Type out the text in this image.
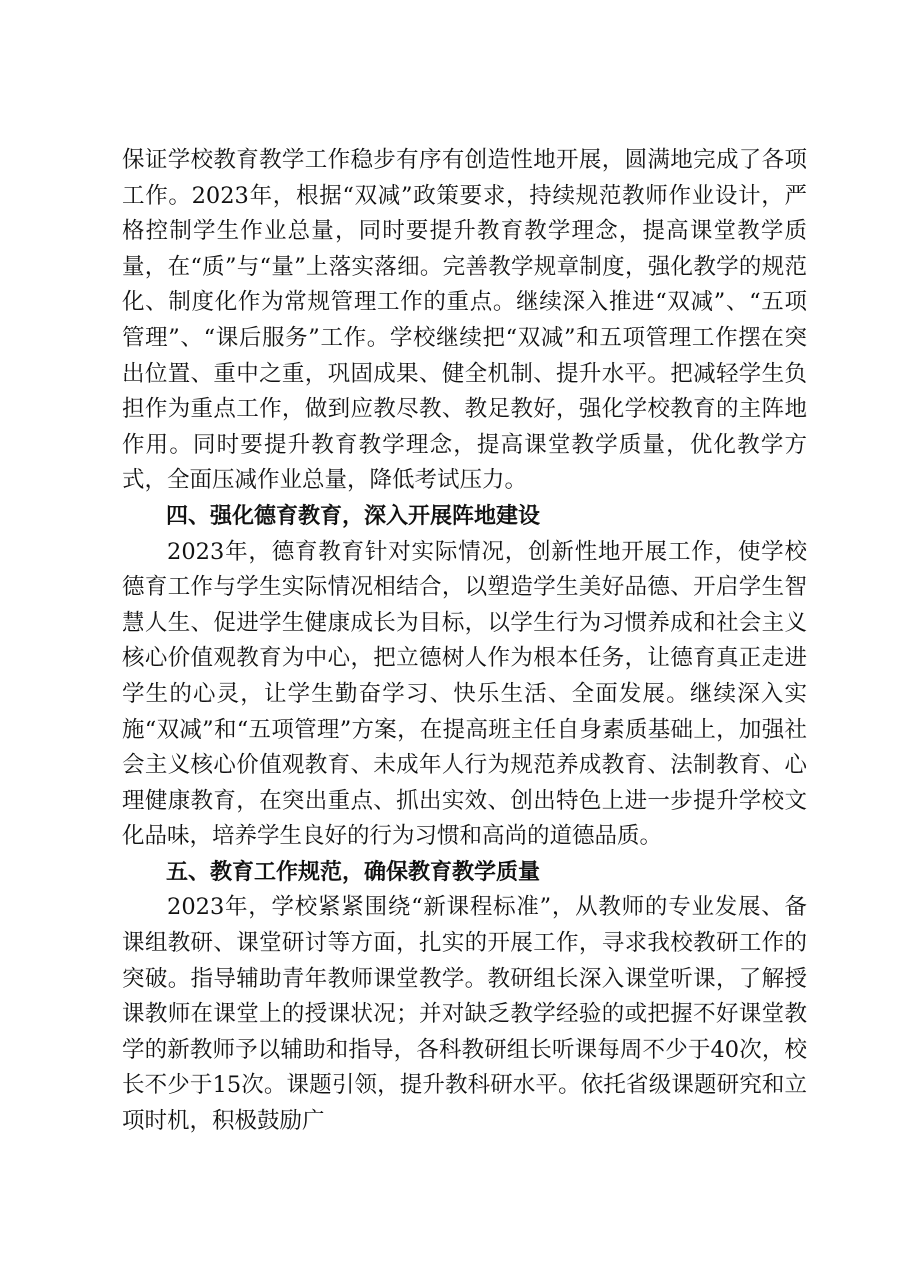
保证学校教育教学工作稳步有序有创造性地开展，圆满地完成了各项工作。2023年，根据“双减”政策要求，持续规范教师作业设计，严格控制学生作业总量，同时要提升教育教学理念，提高课堂教学质量，在“质”与“量”上落实落细。完善教学规章制度，强化教学的规范化、制度化作为常规管理工作的重点。继续深入推进“双减”、“五项管理”、“课后服务”工作。学校继续把“双减”和五项管理工作摆在突出位置、重中之重，巩固成果、健全机制、提升水平。把减轻学生负担作为重点工作，做到应教尽教、教足教好，强化学校教育的主阵地作用。同时要提升教育教学理念，提高课堂教学质量，优化教学方式，全面压减作业总量，降低考试压力。

四、强化德育教育，深入开展阵地建设

2023年，德育教育针对实际情况，创新性地开展工作，使学校德育工作与学生实际情况相结合，以塑造学生美好品德、开启学生智慧人生、促进学生健康成长为目标，以学生行为习惯养成和社会主义核心价值观教育为中心，把立德树人作为根本任务，让德育真正走进学生的心灵，让学生勤奋学习、快乐生活、全面发展。继续深入实施“双减”和“五项管理”方案，在提高班主任自身素质基础上，加强社会主义核心价值观教育、未成年人行为规范养成教育、法制教育、心理健康教育，在突出重点、抓出实效、创出特色上进一步提升学校文化品味，培养学生良好的行为习惯和高尚的道德品质。

五、教育工作规范，确保教育教学质量

2023年，学校紧紧围绕“新课程标准”，从教师的专业发展、备课组教研、课堂研讨等方面，扎实的开展工作，寻求我校教研工作的突破。指导辅助青年教师课堂教学。教研组长深入课堂听课，了解授课教师在课堂上的授课状况；并对缺乏教学经验的或把握不好课堂教学的新教师予以辅助和指导，各科教研组长听课每周不少于40次，校长不少于15次。课题引领，提升教科研水平。依托省级课题研究和立项时机，积极鼓励广
